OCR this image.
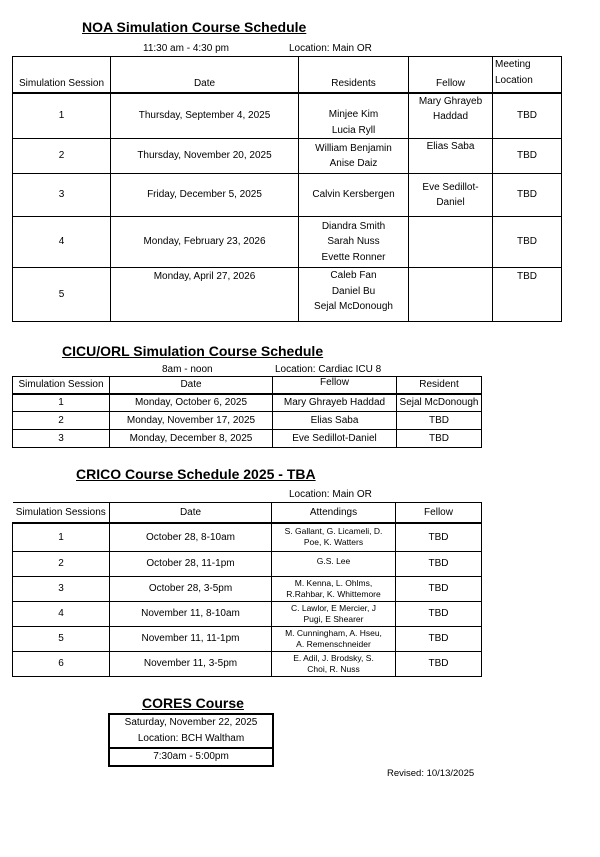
NOA Simulation Course Schedule
11:30 am - 4:30 pm	Location: Main OR
Simulation Session	Date	Residents	Fellow	Meeting
Location

1	Thursday, September 4, 2025	Minjee Kim
Lucia Ryll	Mary Ghrayeb
Haddad	TBD
2	Thursday, November 20, 2025	William Benjamin
Anise Daiz	Elias Saba	TBD
3	Friday, December 5, 2025	Calvin Kersbergen	Eve Sedillot-
Daniel	TBD
4	Monday, February 23, 2026	Diandra Smith
Sarah Nuss
Evette Ronner		TBD
5	Monday, April 27, 2026	Caleb Fan
Daniel Bu
Sejal McDonough		TBD
CICU/ORL Simulation Course Schedule
8am - noon	Location: Cardiac ICU 8
Simulation Session	Date	Fellow	Resident
1	Monday, October 6, 2025	Mary Ghrayeb Haddad	Sejal McDonough
2	Monday, November 17, 2025	Elias Saba	TBD
3	Monday, December 8, 2025	Eve Sedillot-Daniel	TBD
CRICO Course Schedule 2025 - TBA
Location: Main OR
Simulation Sessions	Date	Attendings	Fellow
1	October 28, 8-10am	S. Gallant, G. Licameli, D.
Poe, K. Watters	TBD
2	October 28, 11-1pm	G.S. Lee	TBD
3	October 28, 3-5pm	M. Kenna, L. Ohlms,
R.Rahbar, K. Whittemore	TBD
4	November 11, 8-10am	C. Lawlor, E Mercier, J
Pugi, E Shearer	TBD
5	November 11, 11-1pm	M. Cunningham, A. Hseu,
A. Remenschneider	TBD
6	November 11, 3-5pm	E. Adil, J. Brodsky, S.
Choi, R. Nuss	TBD
CORES Course
Saturday, November 22, 2025
Location: BCH Waltham
7:30am - 5:00pm
Revised: 10/13/2025
